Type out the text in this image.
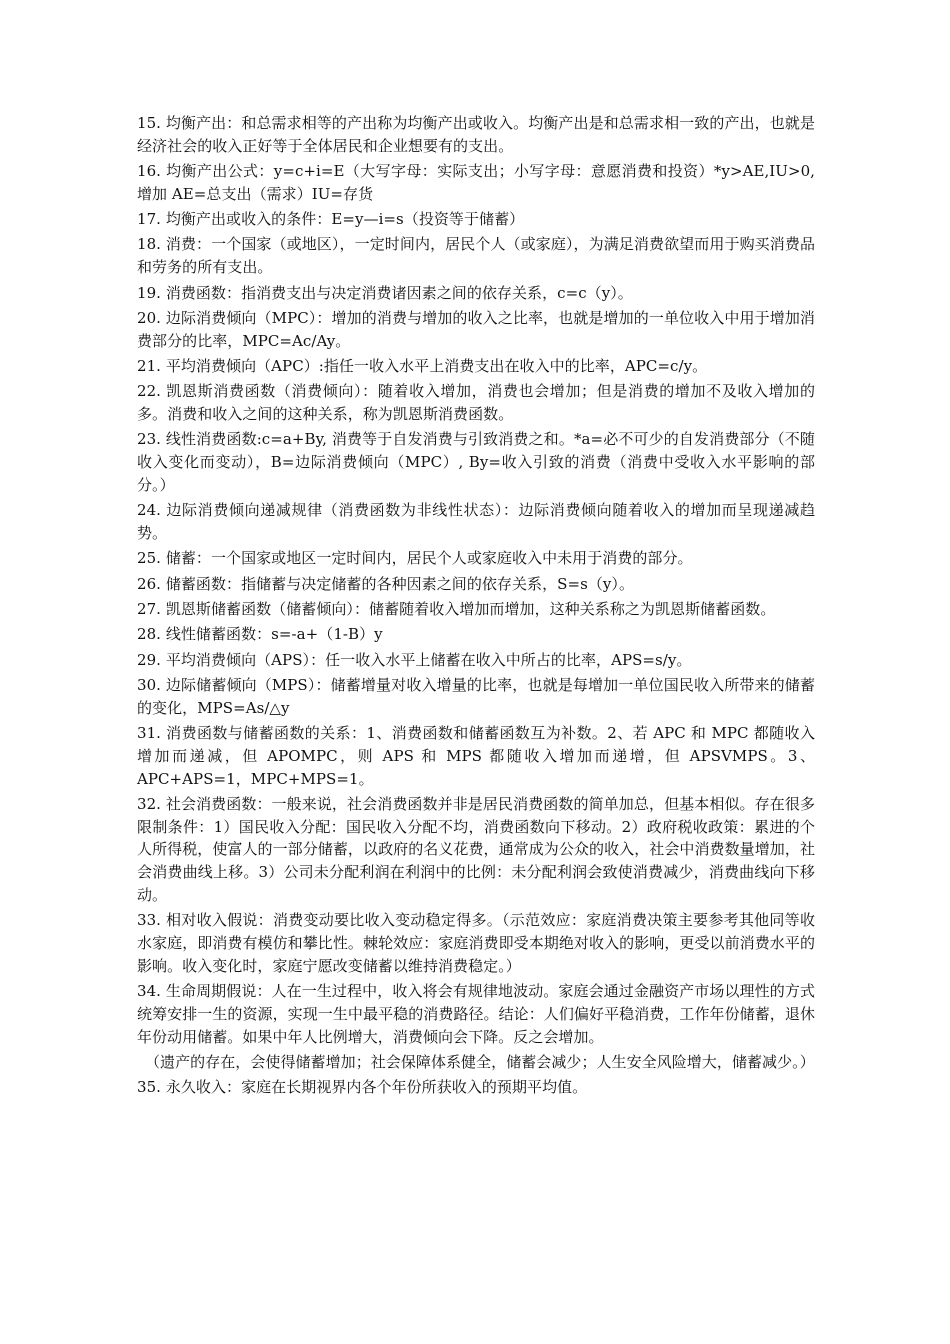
15. 均衡产出：和总需求相等的产出称为均衡产出或收入。均衡产出是和总需求相一致的产出，也就是经济社会的收入正好等于全体居民和企业想要有的支出。

16. 均衡产出公式：y=c+i=E（大写字母：实际支出；小写字母：意愿消费和投资）*y>AE,IU>0,增加 AE=总支出（需求）IU=存货

17. 均衡产出或收入的条件：E=y—i=s（投资等于储蓄）

18. 消费：一个国家（或地区），一定时间内，居民个人（或家庭），为满足消费欲望而用于购买消费品和劳务的所有支出。

19. 消费函数：指消费支出与决定消费诸因素之间的依存关系，c=c（y）。

20. 边际消费倾向（MPC）：增加的消费与增加的收入之比率，也就是增加的一单位收入中用于增加消费部分的比率，MPC=Ac/Ay。

21. 平均消费倾向（APC）:指任一收入水平上消费支出在收入中的比率，APC=c/y。

22. 凯恩斯消费函数（消费倾向）：随着收入增加，消费也会增加；但是消费的增加不及收入增加的多。消费和收入之间的这种关系，称为凯恩斯消费函数。

23. 线性消费函数:c=a+By, 消费等于自发消费与引致消费之和。*a=必不可少的自发消费部分（不随收入变化而变动），B=边际消费倾向（MPC）, By=收入引致的消费（消费中受收入水平影响的部分。）

24. 边际消费倾向递减规律（消费函数为非线性状态）：边际消费倾向随着收入的增加而呈现递减趋势。

25. 储蓄：一个国家或地区一定时间内，居民个人或家庭收入中未用于消费的部分。

26. 储蓄函数：指储蓄与决定储蓄的各种因素之间的依存关系，S=s（y）。

27. 凯恩斯储蓄函数（储蓄倾向）：储蓄随着收入增加而增加，这种关系称之为凯恩斯储蓄函数。

28. 线性储蓄函数：s=-a+（1-B）y

29. 平均消费倾向（APS）：任一收入水平上储蓄在收入中所占的比率，APS=s/y。

30. 边际储蓄倾向（MPS）：储蓄增量对收入增量的比率，也就是每增加一单位国民收入所带来的储蓄的变化，MPS=As/△y

31. 消费函数与储蓄函数的关系：1、消费函数和储蓄函数互为补数。2、若 APC 和 MPC 都随收入增加而递减，但 APOMPC，则 APS 和 MPS 都随收入增加而递增，但 APSVMPS。3、APC+APS=1，MPC+MPS=1。

32. 社会消费函数：一般来说，社会消费函数并非是居民消费函数的简单加总，但基本相似。存在很多限制条件：1）国民收入分配：国民收入分配不均，消费函数向下移动。2）政府税收政策：累进的个人所得税，使富人的一部分储蓄，以政府的名义花费，通常成为公众的收入，社会中消费数量增加，社会消费曲线上移。3）公司未分配利润在利润中的比例：未分配利润会致使消费减少，消费曲线向下移动。

33. 相对收入假说：消费变动要比收入变动稳定得多。（示范效应：家庭消费决策主要参考其他同等收水家庭，即消费有模仿和攀比性。棘轮效应：家庭消费即受本期绝对收入的影响，更受以前消费水平的影响。收入变化时，家庭宁愿改变储蓄以维持消费稳定。）

34. 生命周期假说：人在一生过程中，收入将会有规律地波动。家庭会通过金融资产市场以理性的方式统筹安排一生的资源，实现一生中最平稳的消费路径。结论：人们偏好平稳消费，工作年份储蓄，退休年份动用储蓄。如果中年人比例增大，消费倾向会下降。反之会增加。

（遗产的存在，会使得储蓄增加；社会保障体系健全，储蓄会减少；人生安全风险增大，储蓄减少。）

35. 永久收入：家庭在长期视界内各个年份所获收入的预期平均值。
